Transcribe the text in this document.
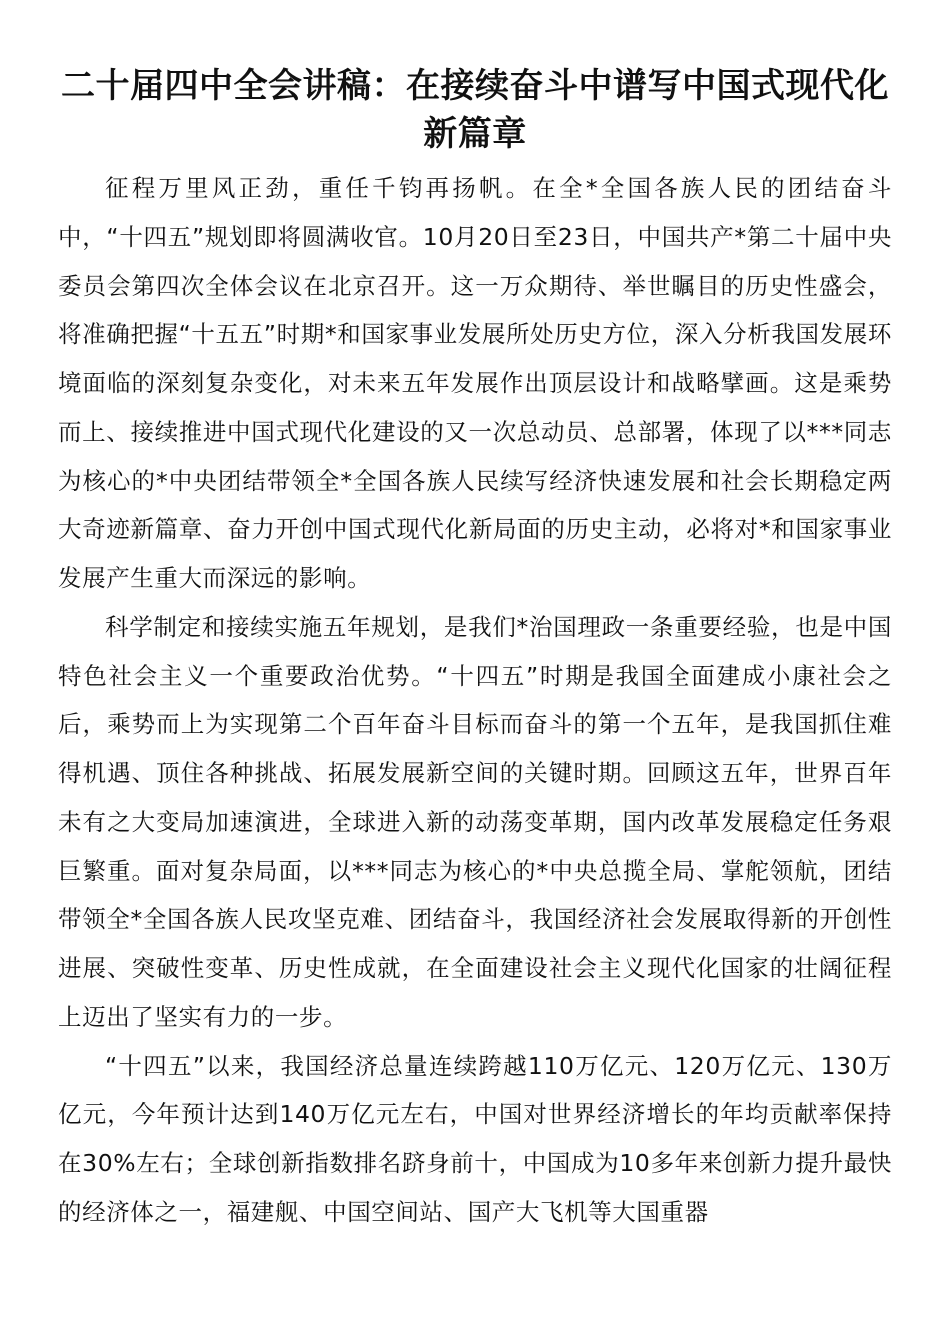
二十届四中全会讲稿：在接续奋斗中谱写中国式现代化新篇章

征程万里风正劲，重任千钧再扬帆。在全*全国各族人民的团结奋斗中，“十四五”规划即将圆满收官。10月20日至23日，中国共产*第二十届中央委员会第四次全体会议在北京召开。这一万众期待、举世瞩目的历史性盛会，将准确把握“十五五”时期*和国家事业发展所处历史方位，深入分析我国发展环境面临的深刻复杂变化，对未来五年发展作出顶层设计和战略擘画。这是乘势而上、接续推进中国式现代化建设的又一次总动员、总部署，体现了以***同志为核心的*中央团结带领全*全国各族人民续写经济快速发展和社会长期稳定两大奇迹新篇章、奋力开创中国式现代化新局面的历史主动，必将对*和国家事业发展产生重大而深远的影响。

科学制定和接续实施五年规划，是我们*治国理政一条重要经验，也是中国特色社会主义一个重要政治优势。“十四五”时期是我国全面建成小康社会之后，乘势而上为实现第二个百年奋斗目标而奋斗的第一个五年，是我国抓住难得机遇、顶住各种挑战、拓展发展新空间的关键时期。回顾这五年，世界百年未有之大变局加速演进，全球进入新的动荡变革期，国内改革发展稳定任务艰巨繁重。面对复杂局面，以***同志为核心的*中央总揽全局、掌舵领航，团结带领全*全国各族人民攻坚克难、团结奋斗，我国经济社会发展取得新的开创性进展、突破性变革、历史性成就，在全面建设社会主义现代化国家的壮阔征程上迈出了坚实有力的一步。

“十四五”以来，我国经济总量连续跨越110万亿元、120万亿元、130万亿元，今年预计达到140万亿元左右，中国对世界经济增长的年均贡献率保持在30%左右；全球创新指数排名跻身前十，中国成为10多年来创新力提升最快的经济体之一，福建舰、中国空间站、国产大飞机等大国重器
